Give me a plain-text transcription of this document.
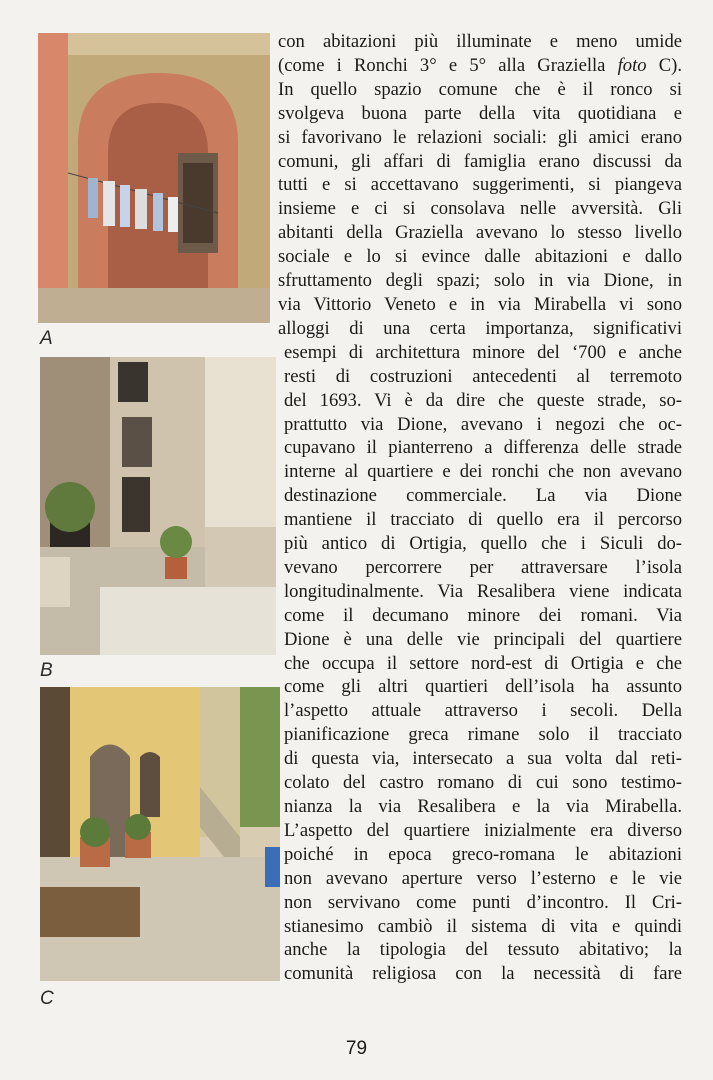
A
B
C
con abitazioni più illuminate e meno umide
(come i Ronchi 3° e 5° alla Graziella foto C).
In quello spazio comune che è il ronco si
svolgeva buona parte della vita quotidiana e
si favorivano le relazioni sociali: gli amici erano
comuni, gli affari di famiglia erano discussi da
tutti e si accettavano suggerimenti, si piangeva
insieme e ci si consolava nelle avversità. Gli
abitanti della Graziella avevano lo stesso livello
sociale e lo si evince dalle abitazioni e dallo
sfruttamento degli spazi; solo in via Dione, in
via Vittorio Veneto e in via Mirabella vi sono
alloggi di una certa importanza, significativi
esempi di architettura minore del ‘700 e anche
resti di costruzioni antecedenti al terremoto
del 1693. Vi è da dire che queste strade, so-
prattutto via Dione, avevano i negozi che oc-
cupavano il pianterreno a differenza delle strade
interne al quartiere e dei ronchi che non avevano
destinazione commerciale. La via Dione
mantiene il tracciato di quello era il percorso
più antico di Ortigia, quello che i Siculi do-
vevano percorrere per attraversare l’isola
longitudinalmente. Via Resalibera viene indicata
come il decumano minore dei romani. Via
Dione è una delle vie principali del quartiere
che occupa il settore nord-est di Ortigia e che
come gli altri quartieri dell’isola ha assunto
l’aspetto attuale attraverso i secoli. Della
pianificazione greca rimane solo il tracciato
di questa via, intersecato a sua volta dal reti-
colato del castro romano di cui sono testimo-
nianza la via Resalibera e la via Mirabella.
L’aspetto del quartiere inizialmente era diverso
poiché in epoca greco-romana le abitazioni
non avevano aperture verso l’esterno e le vie
non servivano come punti d’incontro. Il Cri-
stianesimo cambiò il sistema di vita e quindi
anche la tipologia del tessuto abitativo; la
comunità religiosa con la necessità di fare
79
